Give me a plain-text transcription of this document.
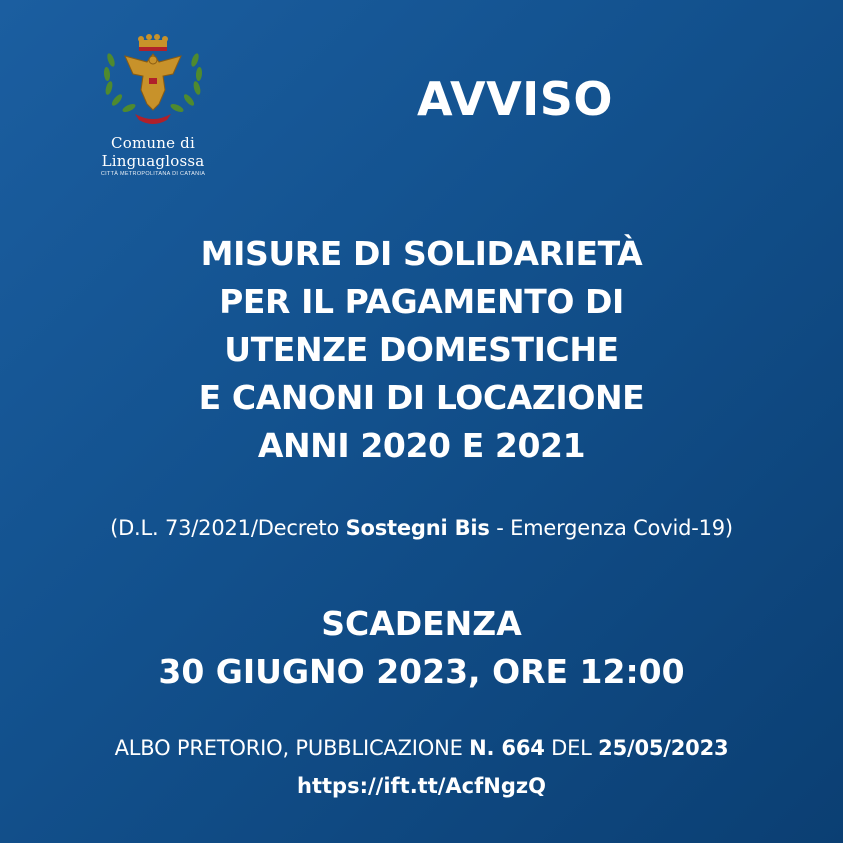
Comune di Linguaglossa
CITTÀ METROPOLITANA DI CATANIA
AVVISO
MISURE DI SOLIDARIETÀ
PER IL PAGAMENTO DI
UTENZE DOMESTICHE
E CANONI DI LOCAZIONE
ANNI 2020 E 2021
(D.L. 73/2021/Decreto Sostegni Bis - Emergenza Covid-19)
SCADENZA
30 GIUGNO 2023, ORE 12:00
ALBO PRETORIO, PUBBLICAZIONE N. 664 DEL 25/05/2023
https://ift.tt/AcfNgzQ
